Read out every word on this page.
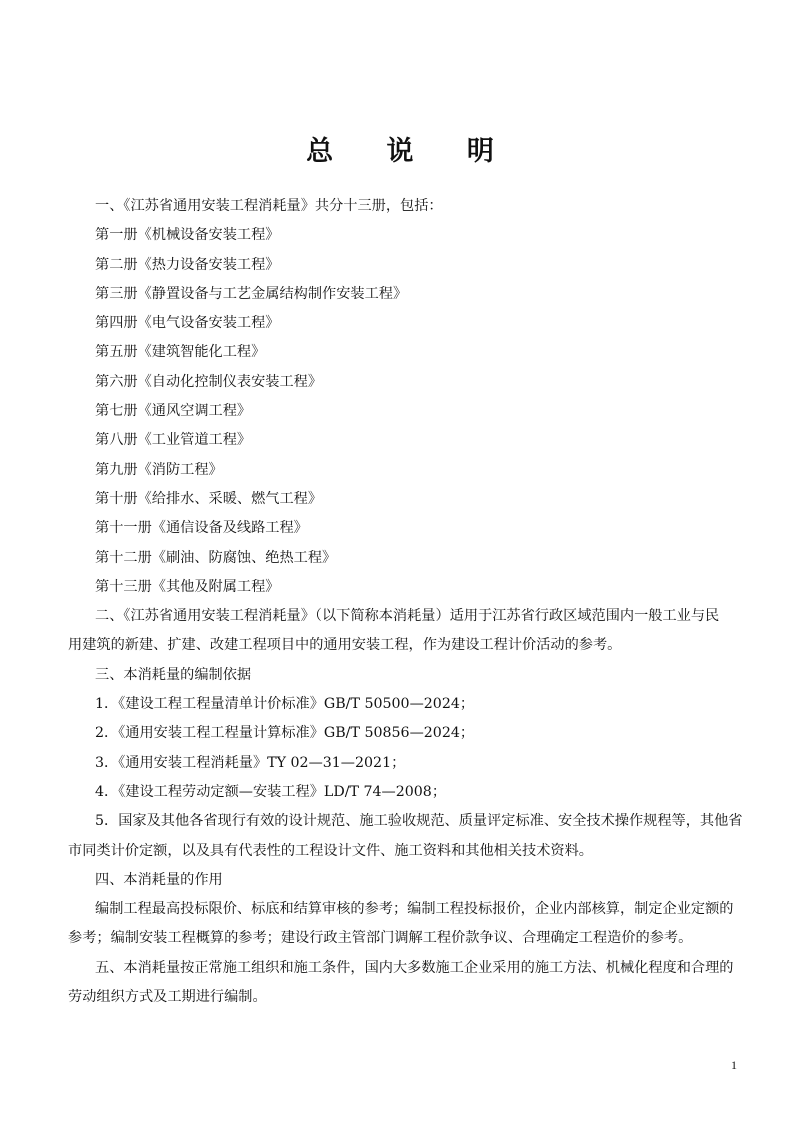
总 说 明

一、《江苏省通用安装工程消耗量》共分十三册，包括：

第一册《机械设备安装工程》

第二册《热力设备安装工程》

第三册《静置设备与工艺金属结构制作安装工程》

第四册《电气设备安装工程》

第五册《建筑智能化工程》

第六册《自动化控制仪表安装工程》

第七册《通风空调工程》

第八册《工业管道工程》

第九册《消防工程》

第十册《给排水、采暖、燃气工程》

第十一册《通信设备及线路工程》

第十二册《刷油、防腐蚀、绝热工程》

第十三册《其他及附属工程》

二、《江苏省通用安装工程消耗量》（以下简称本消耗量）适用于江苏省行政区域范围内一般工业与民

用建筑的新建、扩建、改建工程项目中的通用安装工程，作为建设工程计价活动的参考。

三、本消耗量的编制依据

1．《建设工程工程量清单计价标准》GB/T 50500—2024；

2．《通用安装工程工程量计算标准》GB/T 50856—2024；

3．《通用安装工程消耗量》TY 02—31—2021；

4．《建设工程劳动定额—安装工程》LD/T 74—2008；

5．国家及其他各省现行有效的设计规范、施工验收规范、质量评定标准、安全技术操作规程等，其他省

市同类计价定额，以及具有代表性的工程设计文件、施工资料和其他相关技术资料。

四、本消耗量的作用

编制工程最高投标限价、标底和结算审核的参考；编制工程投标报价，企业内部核算，制定企业定额的

参考；编制安装工程概算的参考；建设行政主管部门调解工程价款争议、合理确定工程造价的参考。

五、本消耗量按正常施工组织和施工条件，国内大多数施工企业采用的施工方法、机械化程度和合理的

劳动组织方式及工期进行编制。

1
